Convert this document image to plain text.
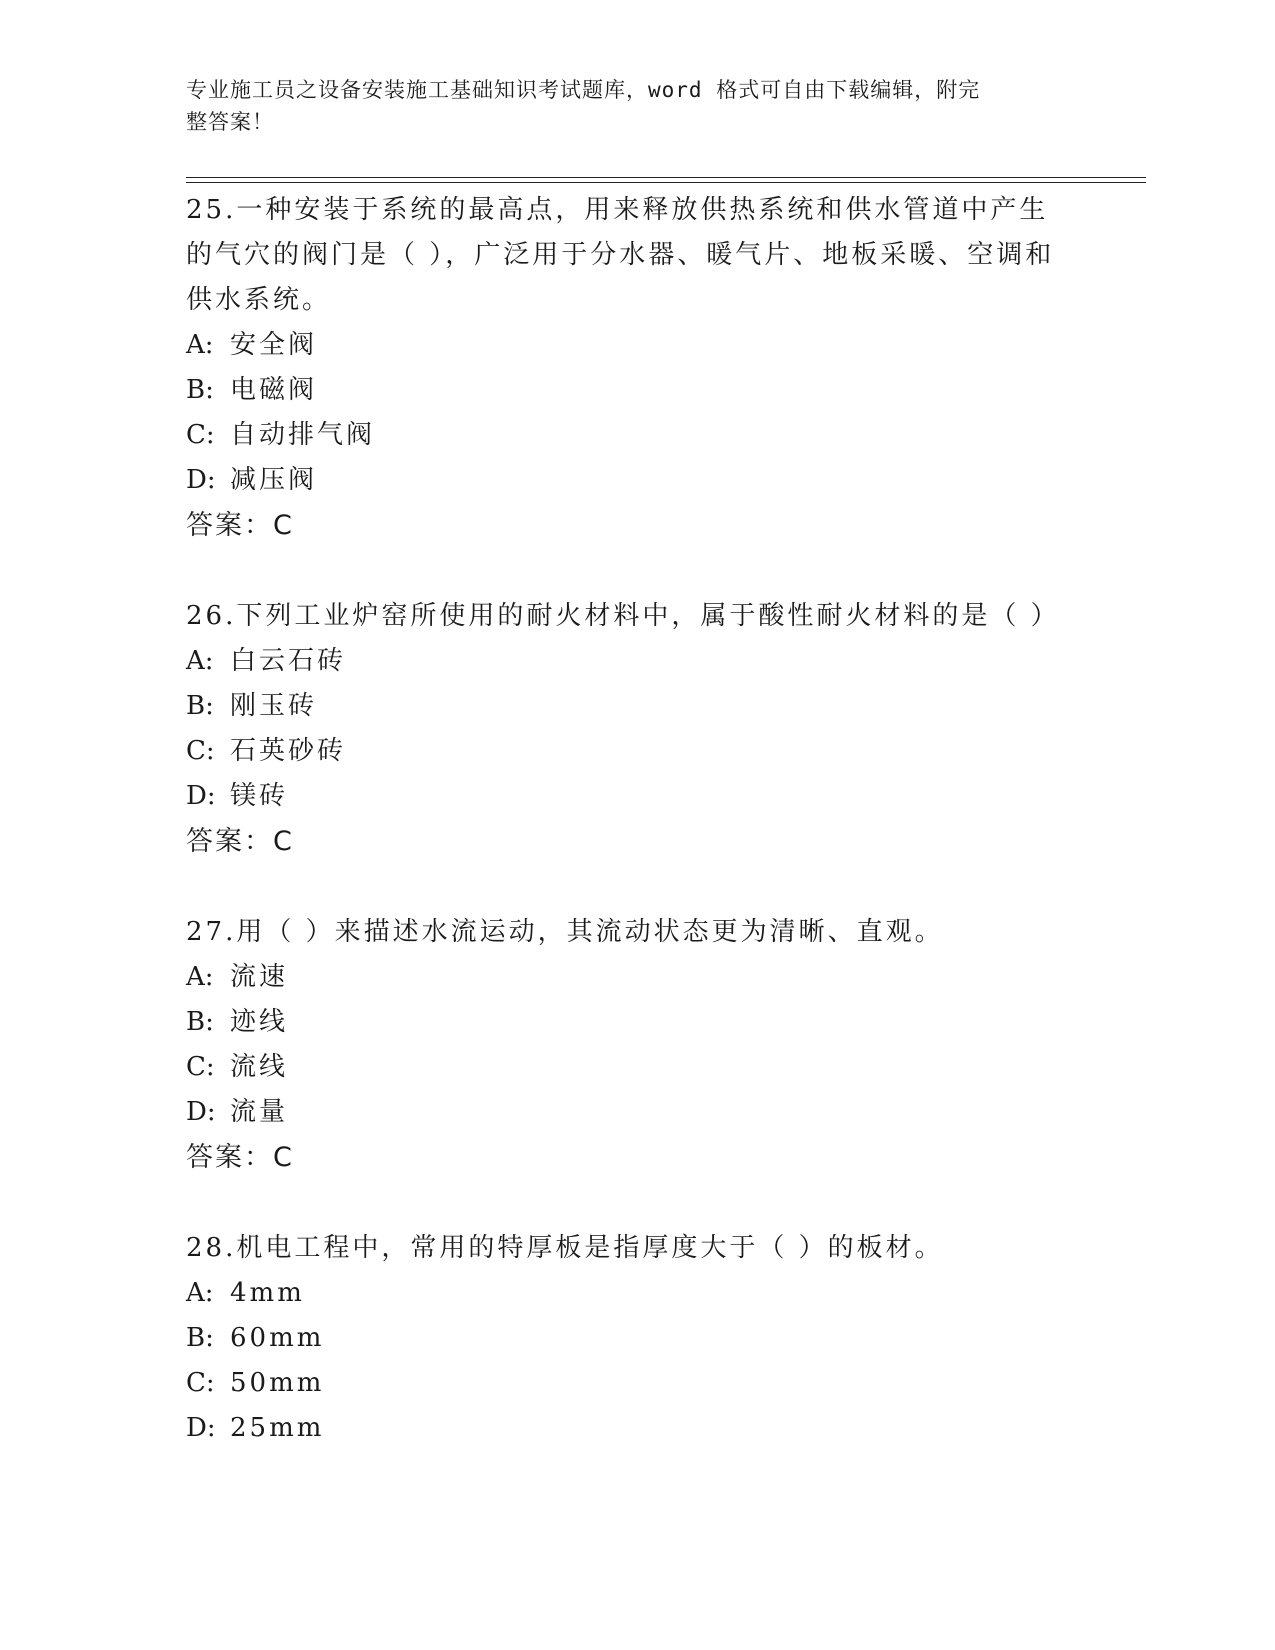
专业施工员之设备安装施工基础知识考试题库，word 格式可自由下载编辑，附完
整答案！

25.一种安装于系统的最高点，用来释放供热系统和供水管道中产生的气穴的阀门是（ ），广泛用于分水器、暖气片、地板采暖、空调和供水系统。

A: 安全阀

B: 电磁阀

C: 自动排气阀

D: 减压阀

答案：C

26.下列工业炉窑所使用的耐火材料中，属于酸性耐火材料的是（ ）

A: 白云石砖

B: 刚玉砖

C: 石英砂砖

D: 镁砖

答案：C

27.用（ ）来描述水流运动，其流动状态更为清晰、直观。

A: 流速

B: 迹线

C: 流线

D: 流量

答案：C

28.机电工程中，常用的特厚板是指厚度大于（ ）的板材。

A: 4mm

B: 60mm

C: 50mm

D: 25mm
